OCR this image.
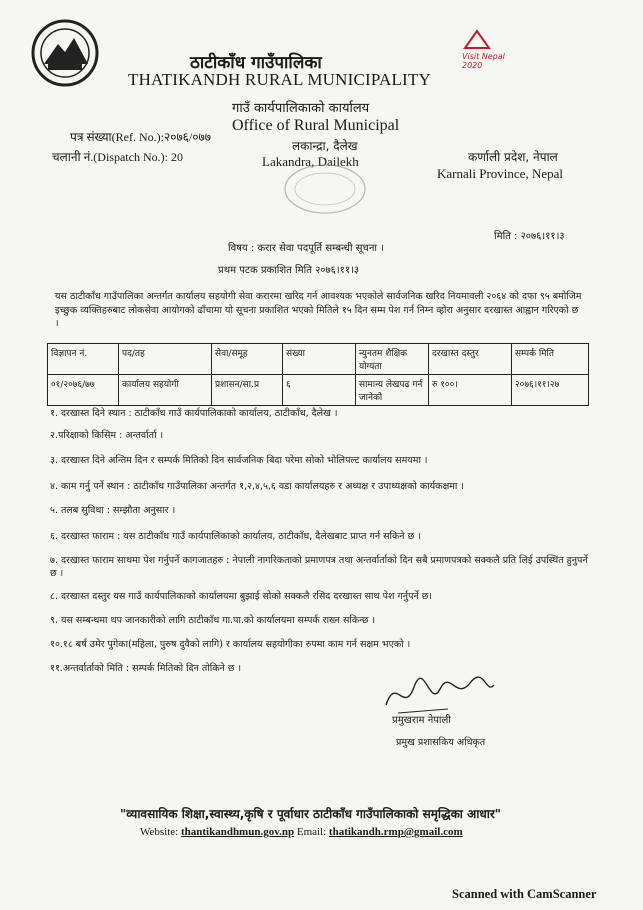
Visit Nepal 2020
ठाटीकाँध गाउँपालिका
THATIKANDH RURAL MUNICIPALITY
गाउँ कार्यपालिकाको कार्यालय
Office of Rural Municipal
पत्र संख्या(Ref. No.):२०७६/०७७
चलानी नं.(Dispatch No.): 20
लकान्द्रा, दैलेख
Lakandra, Dailekh	कर्णाली प्रदेश, नेपाल
Karnali Province, Nepal
मिति : २०७६।११।३
विषय : करार सेवा पदपूर्ति सम्बन्धी सूचना ।
प्रथम पटक प्रकाशित मिति २०७६।११।३
यस ठाटीकाँध गाउँपालिका अन्तर्गत कार्यालय सहयोगी सेवा करारमा खरिद गर्न आवश्यक भएकोले सार्वजनिक खरिद नियमावली २०६४ को दफा ९५ बमोजिम इच्छुक व्यक्तिहरुबाट लोकसेवा आयोगको ढाँचामा यो सूचना प्रकाशित भएको मितिले १५ दिन सम्म पेश गर्न निम्न व्होरा अनुसार दरखास्त आह्वान गरिएको छ ।
विज्ञापन नं.	पद/तह	सेवा/समूह	संख्या	न्युनतम शैक्षिक योग्यता	दरखास्त दस्तुर	सम्पर्क मिति
०१/२०७६/७७	कार्यालय सहयोगी	प्रशासन/सा.प्र	६	सामान्य लेखपढ गर्न जानेको	रु १००।	२०७६।११।२७
१. दरखास्त दिने स्थान : ठाटीकाँध गाउँ कार्यपालिकाको कार्यालय, ठाटीकाँध, दैलेख ।
२.परिक्षाको किसिम : अन्तर्वार्ता ।
३. दरखास्त दिने अन्तिम दिन र सम्पर्क मितिको दिन सार्वजनिक बिदा परेमा सोको भोलिपल्ट कार्यालय समयमा ।
४. काम गर्नु पर्ने स्थान : ठाटीकाँध गाउँपालिका अन्तर्गत १,२,४,५,६ वडा कार्यालयहरु र अध्यक्ष र उपाध्यक्षको कार्यकक्षमा ।
५. तलब सुविधा : सम्झौता अनुसार ।
६. दरखास्त फाराम : यस ठाटीकाँध गाउँ कार्यपालिकाको कार्यालय, ठाटीकाँध, दैलेखबाट प्राप्त गर्न सकिने छ ।
७. दरखास्त फाराम साथमा पेश गर्नुपर्ने कागजातहरु : नेपाली नागरिकताको प्रमाणपत्र तथा अन्तर्वार्ताको दिन सबै प्रमाणपत्रको सक्कलै प्रति लिई उपस्थित हुनुपर्ने छ ।
८. दरखास्त दस्तुर यस गाउँ कार्यपालिकाको कार्यालयमा बुझाई सोको सक्कलै रसिद दरखास्त साथ पेश गर्नुपर्ने छ।
९. यस सम्बन्धमा थप जानकारीको लागि ठाटीकाँध गा.पा.को कार्यालयमा सम्पर्क राख्न सकिन्छ ।
१०.१८ बर्ष उमेर पुगेका(महिला, पुरुष दुवैको लागि) र कार्यालय सहयोगीका रुपमा काम गर्न सक्षम भएको ।
११.अन्तर्वार्ताको मिति : सम्पर्क मितिको दिन तोकिने छ ।
प्रमुखराम नेपाली
प्रमुख प्रशासकिय अधिकृत
"व्यावसायिक शिक्षा,स्वास्थ्य,कृषि र पूर्वाधार ठाटीकाँध गाउँपालिकाको समृद्धिका आधार"
Website: thantikandhmun.gov.np Email: thatikandh.rmp@gmail.com
Scanned with CamScanner
